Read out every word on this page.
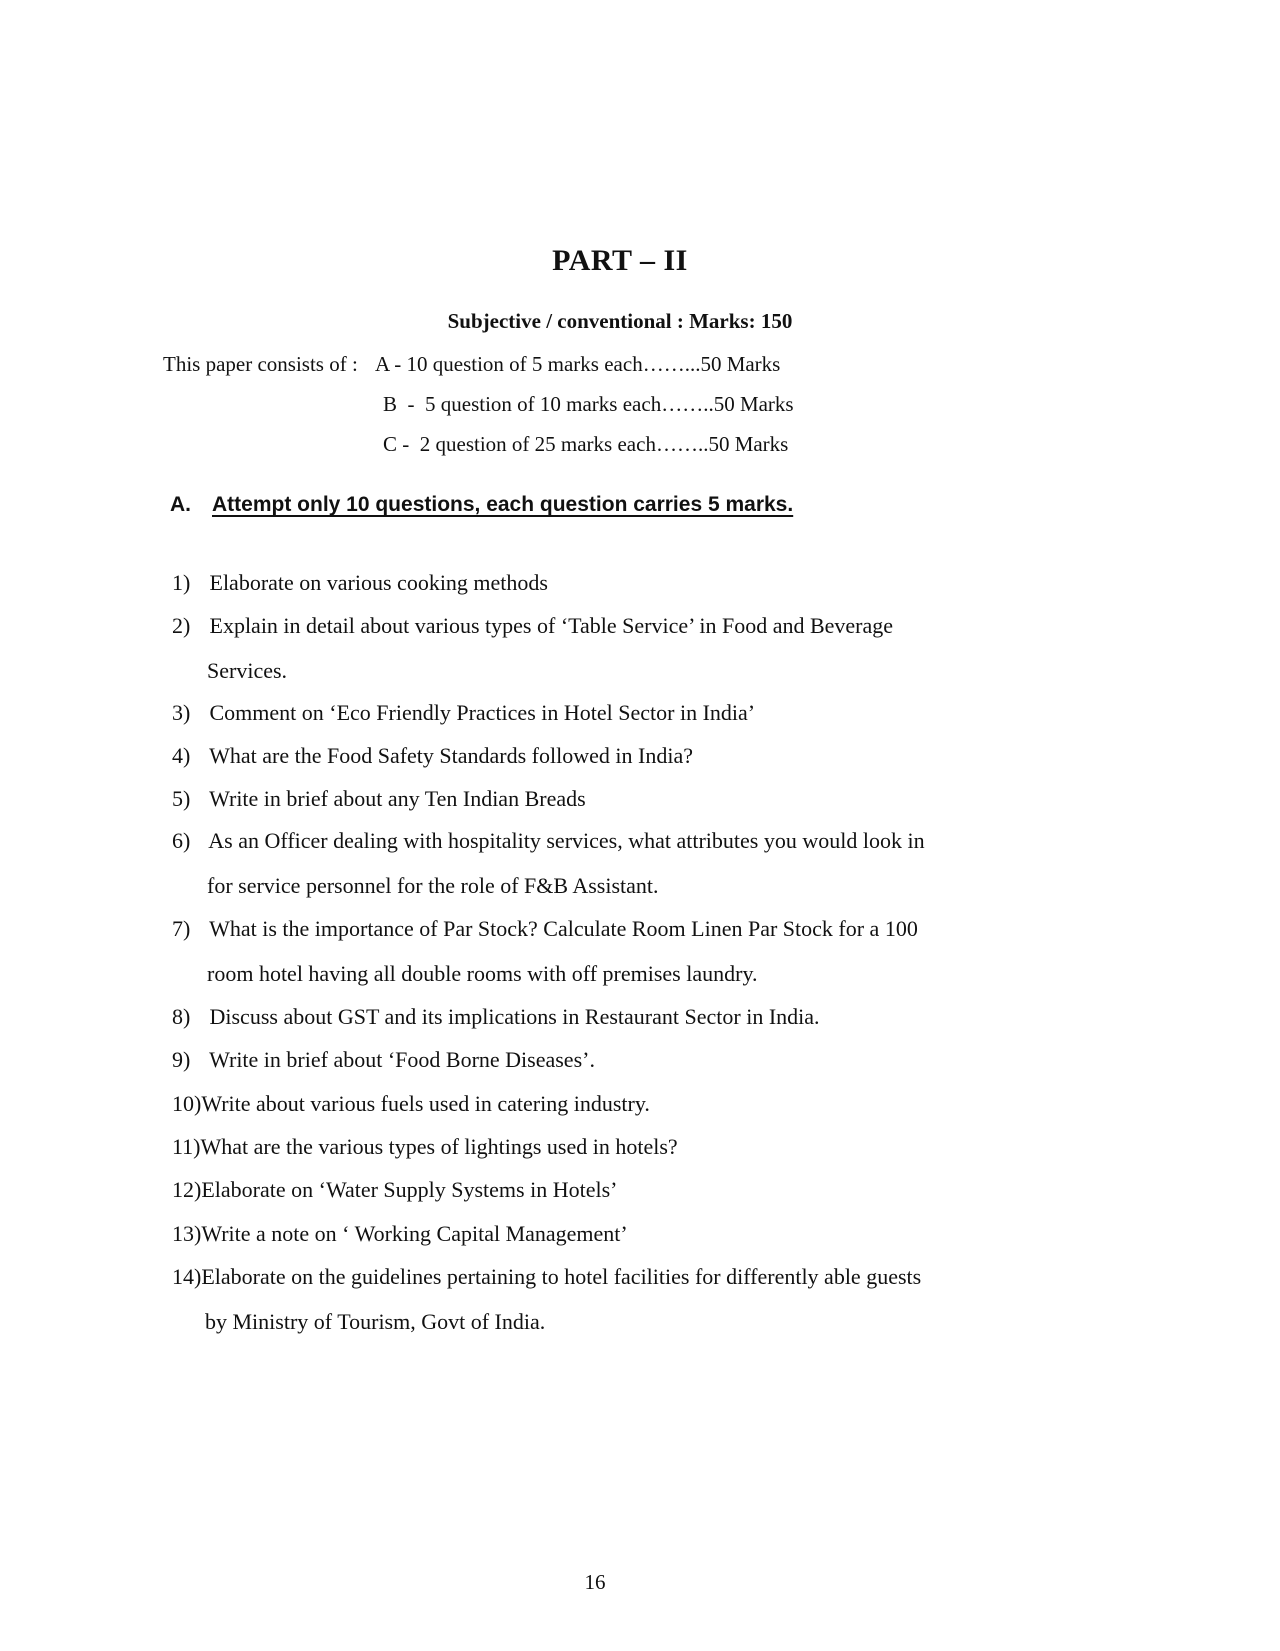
PART – II
Subjective / conventional : Marks: 150
This paper consists of : A - 10 question of 5 marks each……...50 Marks
B  -  5 question of 10 marks each……..50 Marks
C -  2 question of 25 marks each……..50 Marks
A. Attempt only 10 questions, each question carries 5 marks.
1) Elaborate on various cooking methods
2) Explain in detail about various types of ‘Table Service’ in Food and Beverage
Services.
3) Comment on ‘Eco Friendly Practices in Hotel Sector in India’
4) What are the Food Safety Standards followed in India?
5) Write in brief about any Ten Indian Breads
6) As an Officer dealing with hospitality services, what attributes you would look in
for service personnel for the role of F&B Assistant.
7) What is the importance of Par Stock? Calculate Room Linen Par Stock for a 100
room hotel having all double rooms with off premises laundry.
8) Discuss about GST and its implications in Restaurant Sector in India.
9) Write in brief about ‘Food Borne Diseases’.
10)Write about various fuels used in catering industry.
11)What are the various types of lightings used in hotels?
12)Elaborate on ‘Water Supply Systems in Hotels’
13)Write a note on ‘ Working Capital Management’
14)Elaborate on the guidelines pertaining to hotel facilities for differently able guests
by Ministry of Tourism, Govt of India.
16
